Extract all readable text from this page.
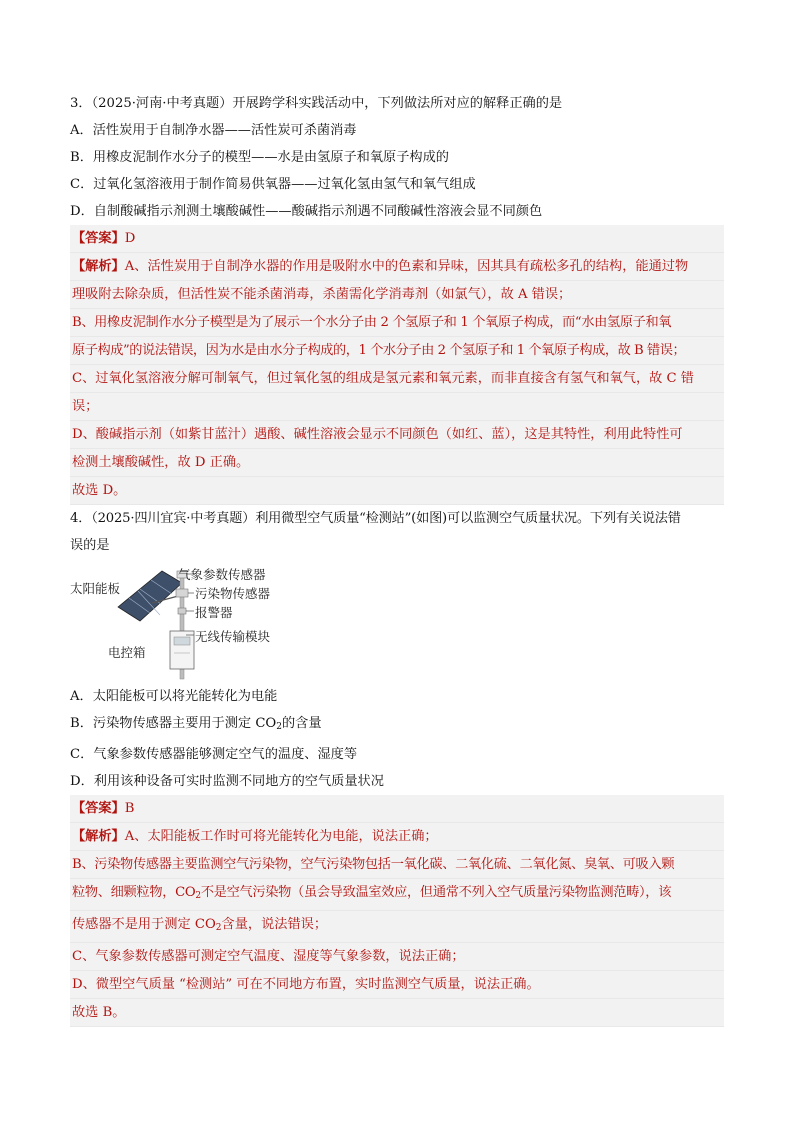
3．（2025·河南·中考真题）开展跨学科实践活动中，下列做法所对应的解释正确的是
A．活性炭用于自制净水器——活性炭可杀菌消毒
B．用橡皮泥制作水分子的模型——水是由氢原子和氧原子构成的
C．过氧化氢溶液用于制作简易供氧器——过氧化氢由氢气和氧气组成
D．自制酸碱指示剂测土壤酸碱性——酸碱指示剂遇不同酸碱性溶液会显不同颜色
【答案】D
【解析】A、活性炭用于自制净水器的作用是吸附水中的色素和异味，因其具有疏松多孔的结构，能通过物
理吸附去除杂质，但活性炭不能杀菌消毒，杀菌需化学消毒剂（如氯气），故 A 错误；
B、用橡皮泥制作水分子模型是为了展示一个水分子由 2 个氢原子和 1 个氧原子构成，而“水由氢原子和氧
原子构成”的说法错误，因为水是由水分子构成的，1 个水分子由 2 个氢原子和 1 个氧原子构成，故 B 错误；
C、过氧化氢溶液分解可制氧气，但过氧化氢的组成是氢元素和氧元素，而非直接含有氢气和氧气，故 C 错
误；
D、酸碱指示剂（如紫甘蓝汁）遇酸、碱性溶液会显示不同颜色（如红、蓝），这是其特性，利用此特性可
检测土壤酸碱性，故 D 正确。
故选 D。
4．（2025·四川宜宾·中考真题）利用微型空气质量“检测站”(如图)可以监测空气质量状况。下列有关说法错
误的是
太阳能板
气象参数传感器
污染物传感器
报警器
无线传输模块
电控箱
A．太阳能板可以将光能转化为电能
B．污染物传感器主要用于测定 $CO_2$的含量
C．气象参数传感器能够测定空气的温度、湿度等
D．利用该种设备可实时监测不同地方的空气质量状况
【答案】B
【解析】A、太阳能板工作时可将光能转化为电能，说法正确；
B、污染物传感器主要监测空气污染物，空气污染物包括一氧化碳、二氧化硫、二氧化氮、臭氧、可吸入颗
粒物、细颗粒物，$CO_2$不是空气污染物（虽会导致温室效应，但通常不列入空气质量污染物监测范畴），该
传感器不是用于测定 $CO_2$含量，说法错误；
C、气象参数传感器可测定空气温度、湿度等气象参数，说法正确；
D、微型空气质量 “检测站” 可在不同地方布置，实时监测空气质量，说法正确。
故选 B。
